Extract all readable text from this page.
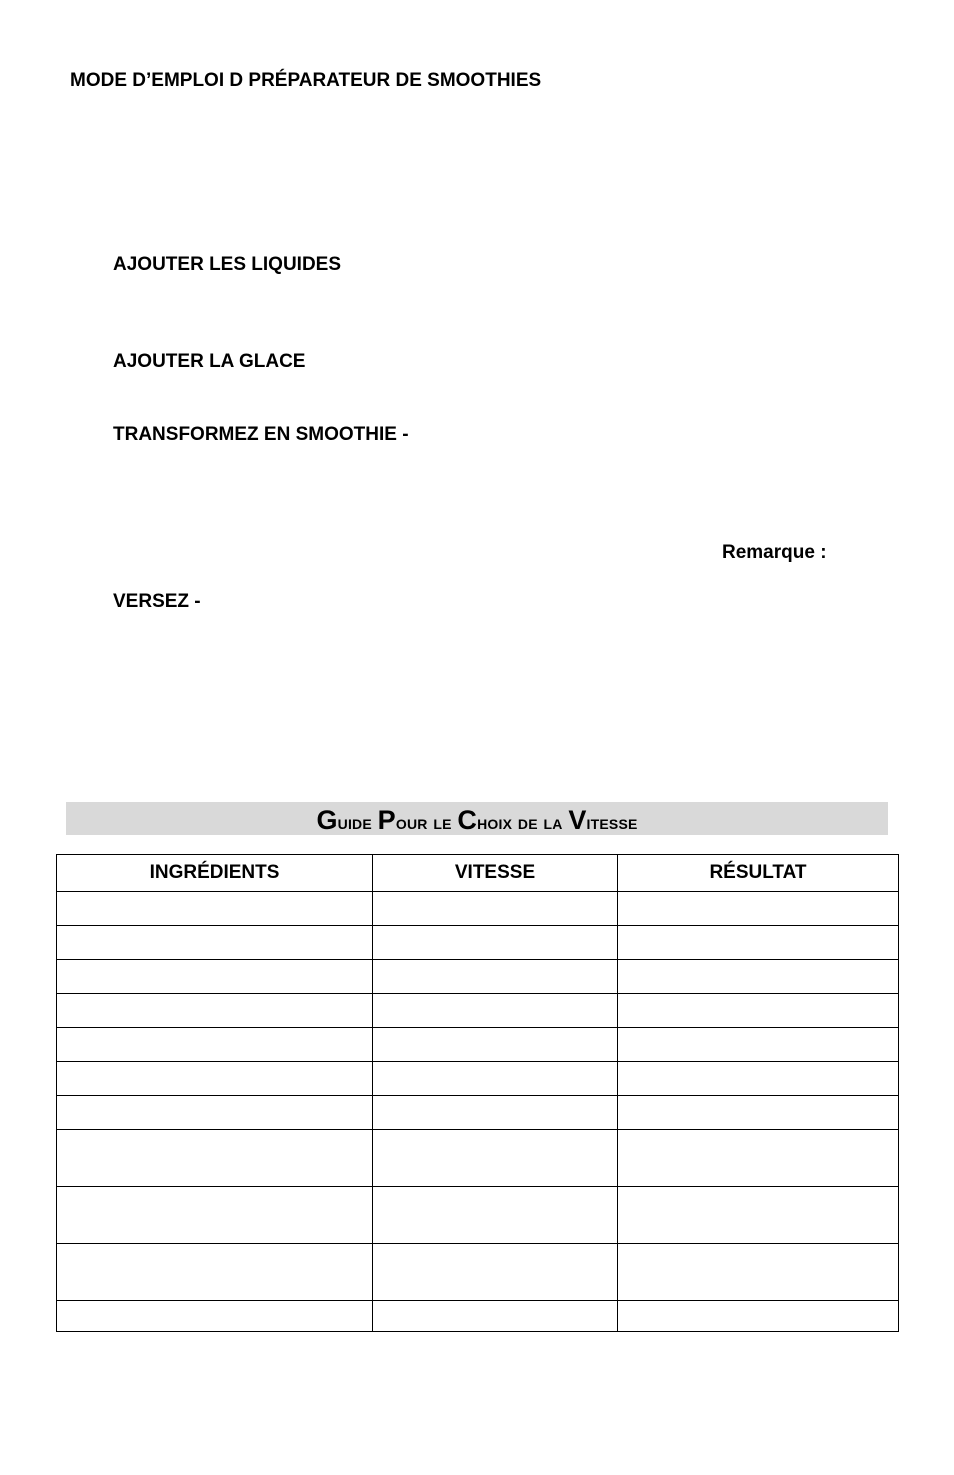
MODE D’EMPLOI D PRÉPARATEUR DE SMOOTHIES
AJOUTER LES LIQUIDES
AJOUTER LA GLACE
TRANSFORMEZ EN SMOOTHIE -
Remarque :
VERSEZ -
Guide Pour le Choix de la Vitesse
INGRÉDIENTS	VITESSE	RÉSULTAT
